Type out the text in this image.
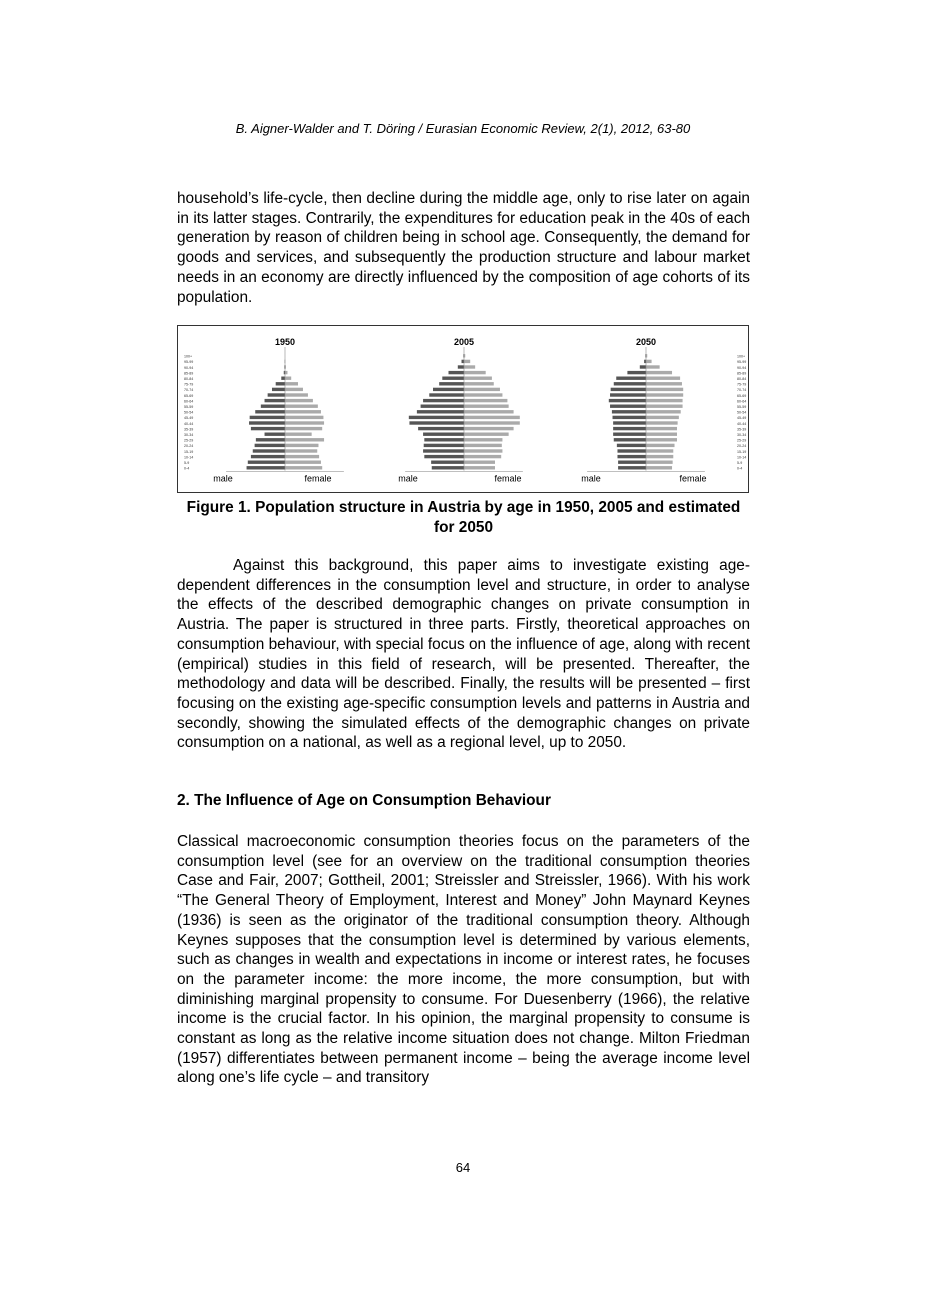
B. Aigner-Walder and T. Döring / Eurasian Economic Review, 2(1), 2012, 63-80

household’s life-cycle, then decline during the middle age, only to rise later on again in its latter stages. Contrarily, the expenditures for education peak in the 40s of each generation by reason of children being in school age. Consequently, the demand for goods and services, and subsequently the production structure and labour market needs in an economy are directly influenced by the composition of age cohorts of its population.

0-4
5-9
10-14
15-19
20-24
25-29
30-34
35-39
40-44
45-49
50-54
55-59
60-64
65-69
70-74
75-79
80-84
85-89
90-94
95-99
100+
0-4
5-9
10-14
15-19
20-24
25-29
30-34
35-39
40-44
45-49
50-54
55-59
60-64
65-69
70-74
75-79
80-84
85-89
90-94
95-99
100+
1950
male	female
2005
male	female
2050
male	female

Figure 1. Population structure in Austria by age in 1950, 2005 and estimated for 2050

Against this background, this paper aims to investigate existing age-dependent differences in the consumption level and structure, in order to analyse the effects of the described demographic changes on private consumption in Austria. The paper is structured in three parts. Firstly, theoretical approaches on consumption behaviour, with special focus on the influence of age, along with recent (empirical) studies in this field of research, will be presented. Thereafter, the methodology and data will be described. Finally, the results will be presented – first focusing on the existing age-specific consumption levels and patterns in Austria and secondly, showing the simulated effects of the demographic changes on private consumption on a national, as well as a regional level, up to 2050.

2. The Influence of Age on Consumption Behaviour

Classical macroeconomic consumption theories focus on the parameters of the consumption level (see for an overview on the traditional consumption theories Case and Fair, 2007; Gottheil, 2001; Streissler and Streissler, 1966). With his work “The General Theory of Employment, Interest and Money” John Maynard Keynes (1936) is seen as the originator of the traditional consumption theory. Although Keynes supposes that the consumption level is determined by various elements, such as changes in wealth and expectations in income or interest rates, he focuses on the parameter income: the more income, the more consumption, but with diminishing marginal propensity to consume. For Duesenberry (1966), the relative income is the crucial factor. In his opinion, the marginal propensity to consume is constant as long as the relative income situation does not change. Milton Friedman (1957) differentiates between permanent income – being the average income level along one’s life cycle – and transitory

64
